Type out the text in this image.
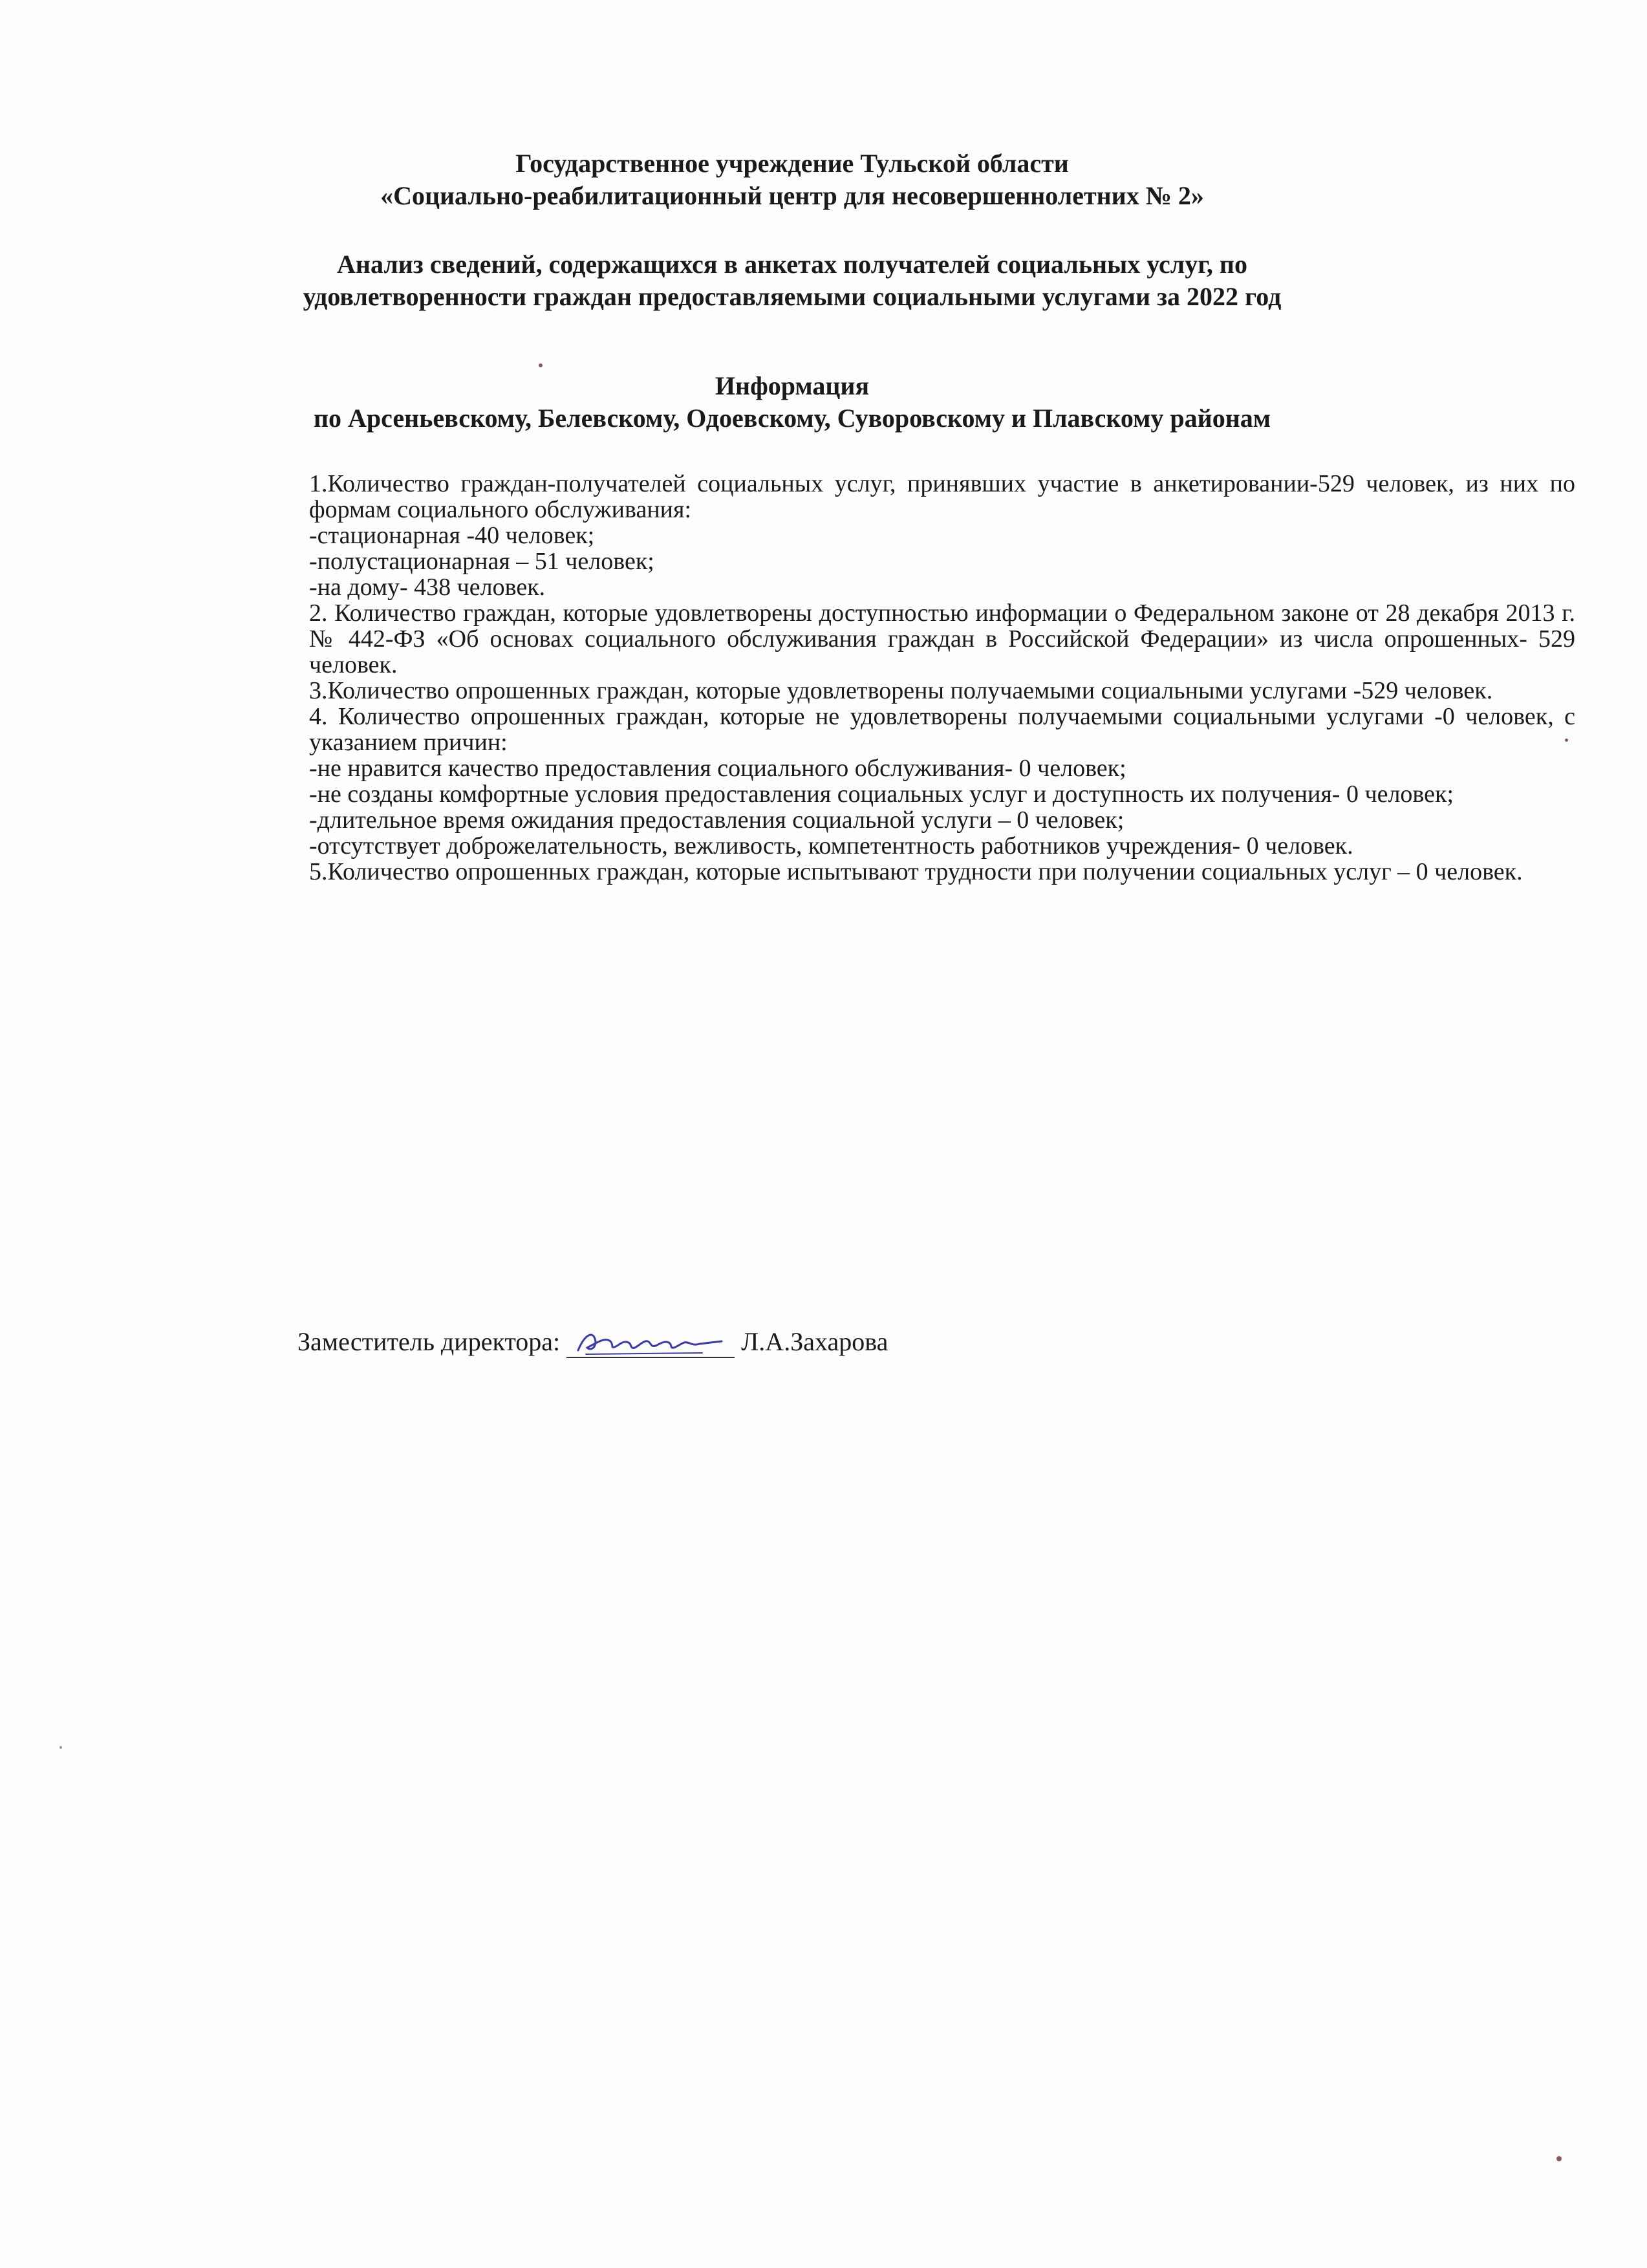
Государственное учреждение Тульской области
«Социально-реабилитационный центр для несовершеннолетних № 2»
Анализ сведений, содержащихся в анкетах получателей социальных услуг, по
удовлетворенности граждан предоставляемыми социальными услугами за 2022 год
Информация
по Арсеньевскому, Белевскому, Одоевскому, Суворовскому и Плавскому районам

1.Количество граждан-получателей социальных услуг, принявших участие в анкетировании-529 человек, из них по формам социального обслуживания:

-стационарная -40 человек;

-полустационарная – 51 человек;

-на дому- 438 человек.

2. Количество граждан, которые удовлетворены доступностью информации о Федеральном законе от 28 декабря 2013 г. № 442-ФЗ «Об основах социального обслуживания граждан в Российской Федерации» из числа опрошенных- 529 человек.

3.Количество опрошенных граждан, которые удовлетворены получаемыми социальными услугами -529 человек.

4. Количество опрошенных граждан, которые не удовлетворены получаемыми социальными услугами -0 человек, с указанием причин:

-не нравится качество предоставления социального обслуживания- 0 человек;

-не созданы комфортные условия предоставления социальных услуг и доступность их получения- 0 человек;

-длительное время ожидания предоставления социальной услуги – 0 человек;

-отсутствует доброжелательность, вежливость, компетентность работников учреждения- 0 человек.

5.Количество опрошенных граждан, которые испытывают трудности при получении социальных услуг – 0 человек.

Заместитель директора:	Л.А.Захарова
